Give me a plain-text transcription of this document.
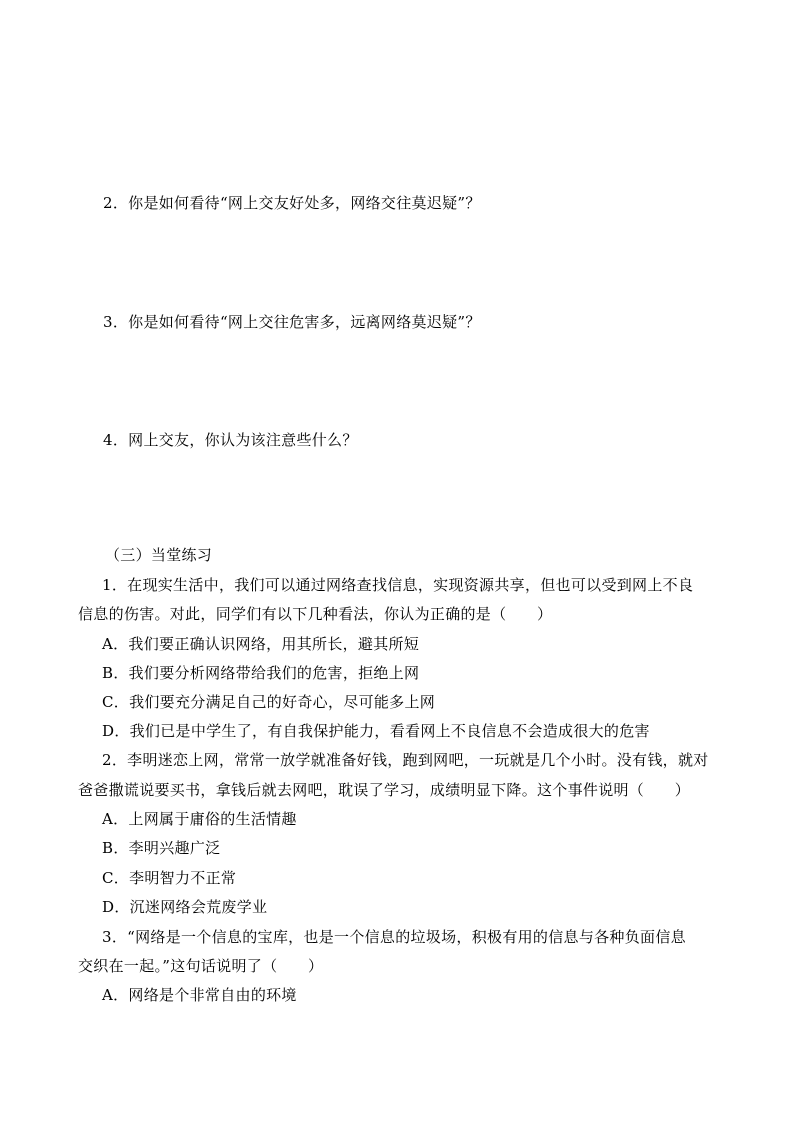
2．你是如何看待“网上交友好处多，网络交往莫迟疑”？
3．你是如何看待“网上交往危害多，远离网络莫迟疑”？
4．网上交友，你认为该注意些什么？
（三）当堂练习
1．在现实生活中，我们可以通过网络查找信息，实现资源共享，但也可以受到网上不良
信息的伤害。对此，同学们有以下几种看法，你认为正确的是（　　）
A．我们要正确认识网络，用其所长，避其所短
B．我们要分析网络带给我们的危害，拒绝上网
C．我们要充分满足自己的好奇心，尽可能多上网
D．我们已是中学生了，有自我保护能力，看看网上不良信息不会造成很大的危害
2．李明迷恋上网，常常一放学就准备好钱，跑到网吧，一玩就是几个小时。没有钱，就对
爸爸撒谎说要买书，拿钱后就去网吧，耽误了学习，成绩明显下降。这个事件说明（　　）
A．上网属于庸俗的生活情趣
B．李明兴趣广泛
C．李明智力不正常
D．沉迷网络会荒废学业
3．“网络是一个信息的宝库，也是一个信息的垃圾场，积极有用的信息与各种负面信息
交织在一起。”这句话说明了（　　）
A．网络是个非常自由的环境
